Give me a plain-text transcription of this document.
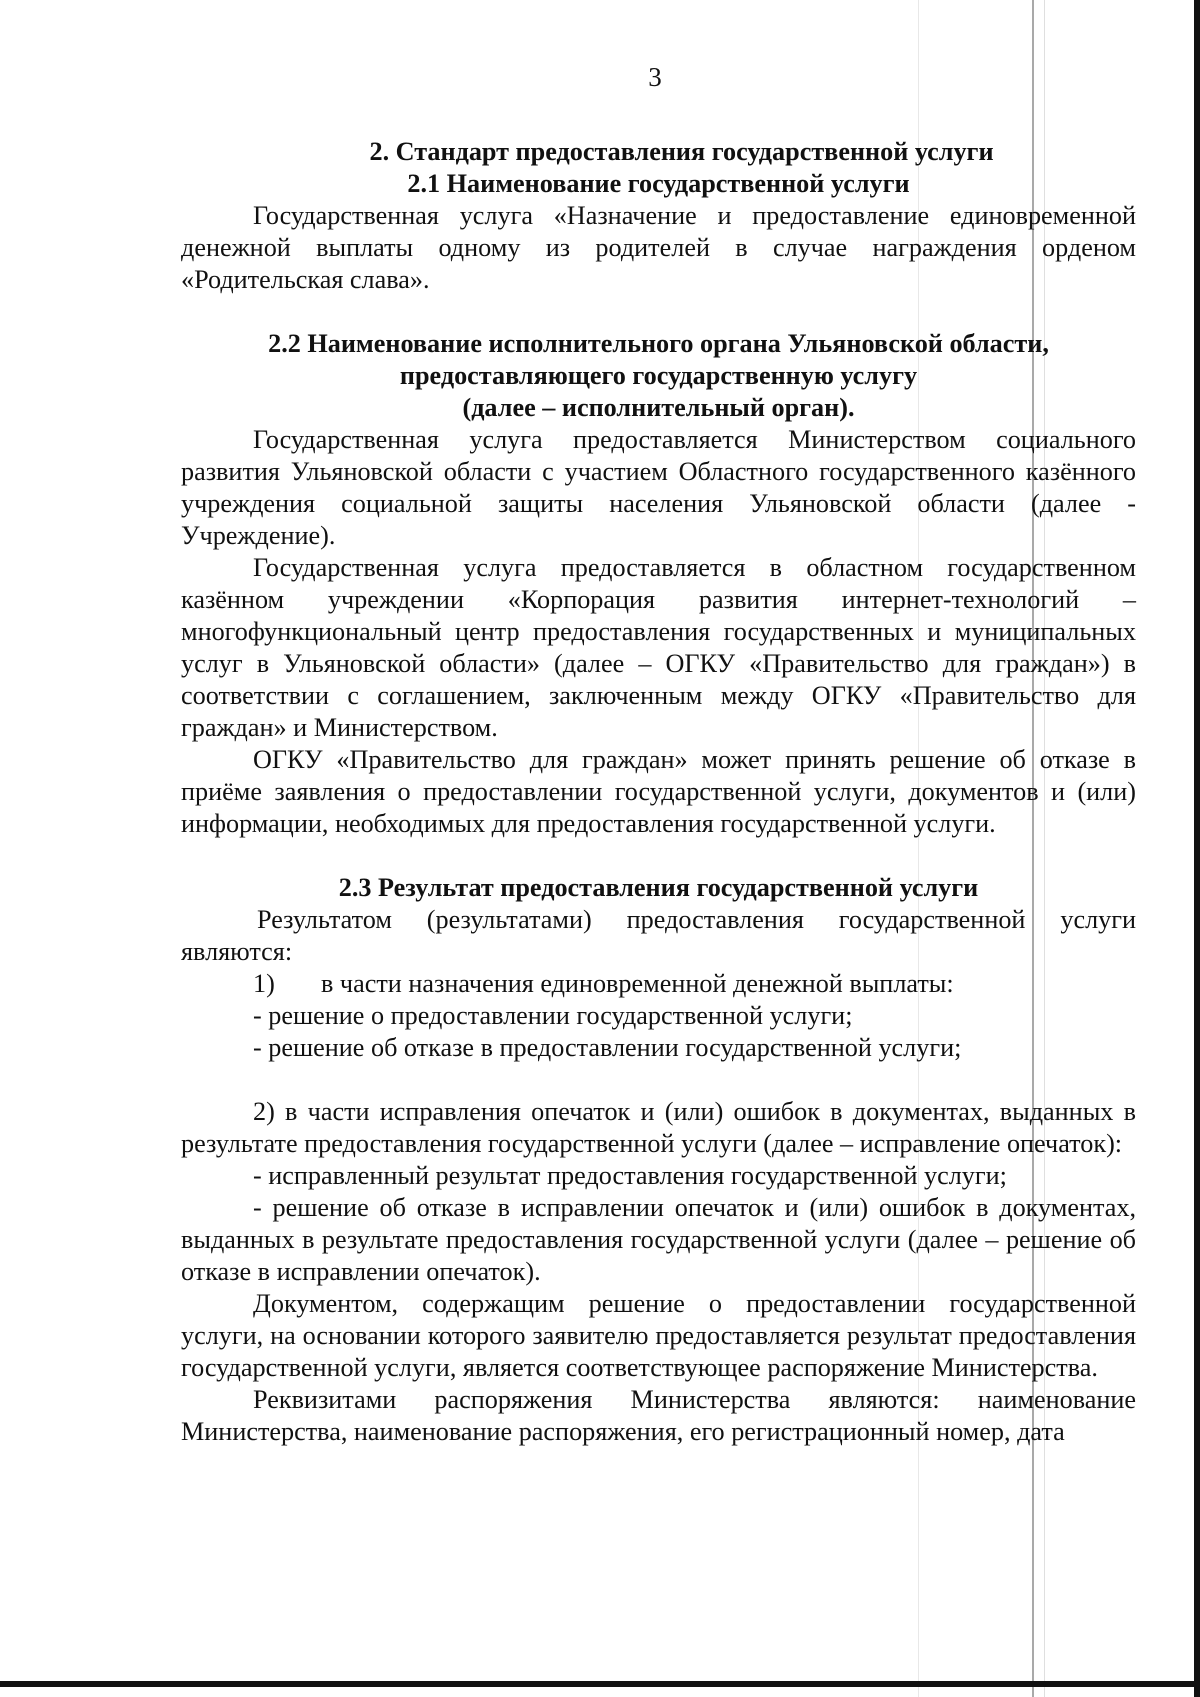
3
2. Стандарт предоставления государственной услуги
2.1 Наименование государственной услуги

Государственная услуга «Назначение и предоставление единовременной денежной выплаты одному из родителей в случае награждения орденом «Родительская слава».

2.2 Наименование исполнительного органа Ульяновской области,
предоставляющего государственную услугу
(далее – исполнительный орган).

Государственная услуга предоставляется Министерством социального развития Ульяновской области с участием Областного государственного казённого учреждения социальной защиты населения Ульяновской области (далее - Учреждение).

Государственная услуга предоставляется в областном государственном казённом учреждении «Корпорация развития интернет-технологий – многофункциональный центр предоставления государственных и муниципальных услуг в Ульяновской области» (далее – ОГКУ «Правительство для граждан») в соответствии с соглашением, заключенным между ОГКУ «Правительство для граждан» и Министерством.

ОГКУ «Правительство для граждан» может принять решение об отказе в приёме заявления о предоставлении государственной услуги, документов и (или) информации, необходимых для предоставления государственной услуги.

2.3 Результат предоставления государственной услуги

Результатом (результатами) предоставления государственной услуги являются:

1) в части назначения единовременной денежной выплаты:
- решение о предоставлении государственной услуги;
- решение об отказе в предоставлении государственной услуги;

2) в части исправления опечаток и (или) ошибок в документах, выданных в результате предоставления государственной услуги (далее – исправление опечаток):

- исправленный результат предоставления государственной услуги;

- решение об отказе в исправлении опечаток и (или) ошибок в документах, выданных в результате предоставления государственной услуги (далее – решение об отказе в исправлении опечаток).

Документом, содержащим решение о предоставлении государственной услуги, на основании которого заявителю предоставляется результат предоставления государственной услуги, является соответствующее распоряжение Министерства.

Реквизитами распоряжения Министерства являются: наименование Министерства, наименование распоряжения, его регистрационный номер, дата
